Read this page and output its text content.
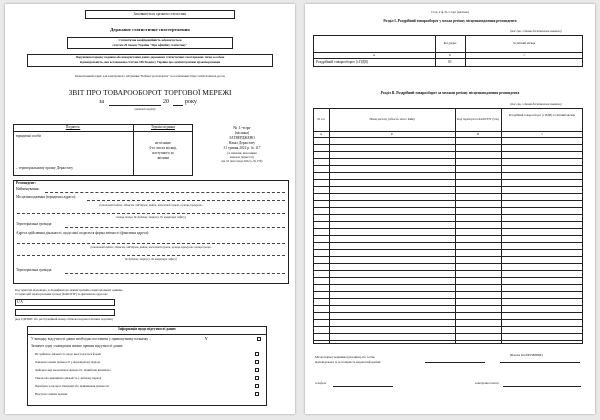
Заповнюється органом статистики
Державне статистичне спостереження
Статистична конфіденційність забезпечується
статтею 29 Закону України "Про офіційну статистику"
Порушення порядку подання або використання даних державних статистичних спостережень тягне за собою
відповідальність, яка встановлена статтею 186³ Кодексу України про адміністративні правопорушення
Безкоштовний сервіс для електронного звітування "Кабінет респондента" за посиланням: https://statzvit.ukrstat.gov.ua
ЗВІТ ПРО ТОВАРООБОРОТ ТОРГОВОЇ МЕРЕЖІ
за	20	року
(звітний період)
Подають:	Термін подання
юридичні особи
– територіальному органу Держстату
не пізніше
4-го числа місяця,
наступного за
звітним
№ 1-торг
(місячна)
ЗАТВЕРДЖЕНО
Наказ Держстату
31 травня 2022 р. № 117
(зі змінами, внесеними
наказом Держстату
від 10 листопада 2022 р. № 279)
Респондент:
Найменування:
Місцезнаходження (юридична адреса):
(поштовий індекс, область /АР Крим, район, населений пункт, вулиця /провулок,
площа тощо, № будинку /корпусу, № квартири /офісу)
Територіальна громада:
Адреса здійснення діяльності, щодо якої подається форма звітності (фактична адреса):
(поштовий індекс, область /АР Крим, район, населений пункт, вулиця /провулок, площа тощо,
№ будинку /корпусу, № квартири /офісу)
Територіальна громада:
Код території відповідно до Кодифікатора адміністративно-територіальних одиниць
та територій територіальних громад (КАТОТТГ) за фактичною адресою:
U A
(код ЄДРПОУ або реєстраційний номер облікової картки платника податків)
Інформація щодо відсутності даних
У випадку відсутності даних необхідно поставити у прямокутнику позначку –	V
Зазначте одну з наведених нижче причин відсутності даних:
Не здійснює діяльності, щодо якої подається форма
Однакові ознаки діяльності у відповідному періоді
Здійснює вид економічної діяльності, інший ніж визначено
Тимчасово припинила діяльність у звітному періоді
Перебуває в процесі ліквідації або припинення діяльності
Відсутня з інших причин
Стор. 2 ф. № 1-торг (місячна)
Розділ І. Роздрібний товарооборот у межах регіону місцезнаходження респондента
(тис.грн, з двома десятковими знаками)
Код рядка	За звітний місяць
А	Б	1
Роздрібний товарооборот (з ПДВ)	01
Розділ ІІ. Роздрібний товарооборот за межами регіону місцезнаходження респондента
(тис.грн, з двома десятковими знаками)
№ з/п	Назва регіону (область, місто Київ)	Код території за КАТОТТГ (UA)
Роздрібний товарооборот (з ПДВ) за звітний місяць
А	Б	В	1
Місце підпису керівника (власника) або особи,
відповідальної за достовірність наданої інформації
(Власне ім'я ПРІЗВИЩЕ)
телефон:	електронна пошта:
